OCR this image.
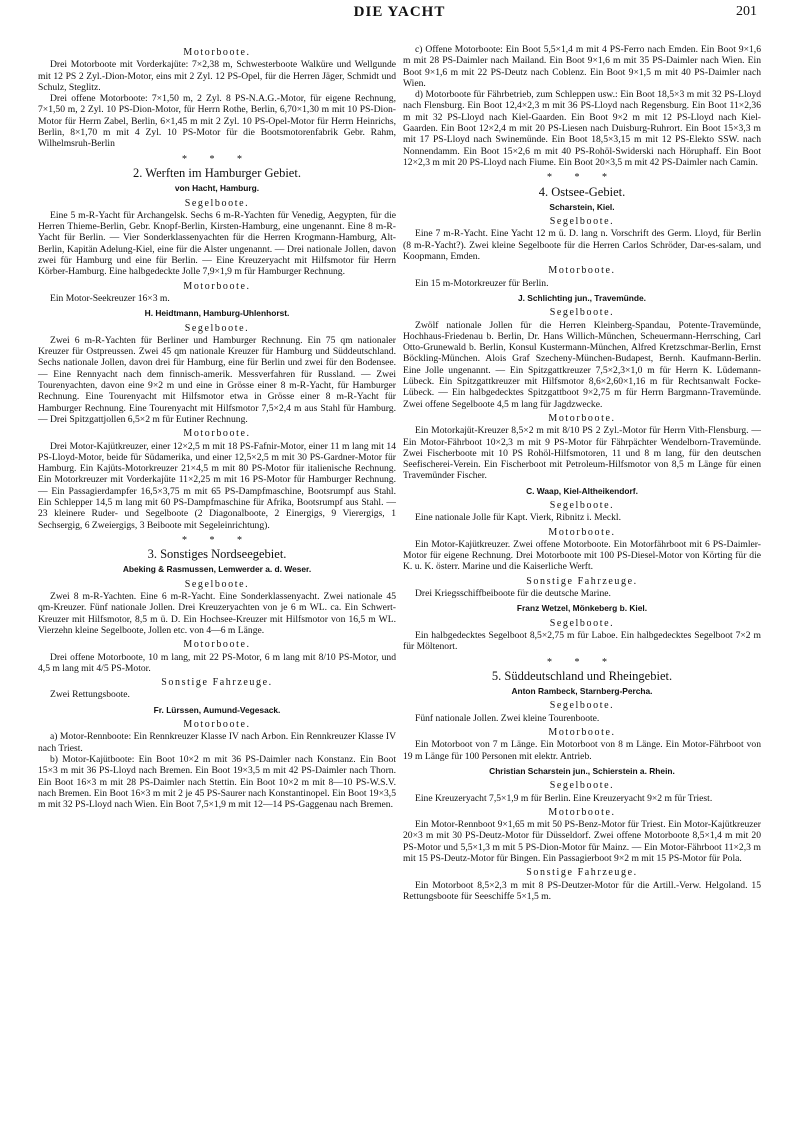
DIE YACHT	201
Motorboote.

Drei Motorboote mit Vorderkajüte: 7×2,38 m, Schwesterboote Walküre und Wellgunde mit 12 PS 2 Zyl.-Dion-Motor, eins mit 2 Zyl. 12 PS-Opel, für die Herren Jäger, Schmidt und Schulz, Steglitz.

Drei offene Motorboote: 7×1,50 m, 2 Zyl. 8 PS-N.A.G.-Motor, für eigene Rechnung, 7×1,50 m, 2 Zyl. 10 PS-Dion-Motor, für Herrn Rothe, Berlin, 6,70×1,30 m mit 10 PS-Dion-Motor für Herrn Zabel, Berlin, 6×1,45 m mit 2 Zyl. 10 PS-Opel-Motor für Herrn Heinrichs, Berlin, 8×1,70 m mit 4 Zyl. 10 PS-Motor für die Bootsmotorenfabrik Gebr. Rahm, Wilhelmsruh-Berlin

* * *
2. Werften im Hamburger Gebiet.
von Hacht, Hamburg.
Segelboote.

Eine 5 m-R-Yacht für Archangelsk. Sechs 6 m-R-Yachten für Venedig, Aegypten, für die Herren Thieme-Berlin, Gebr. Knopf-Berlin, Kirsten-Hamburg, eine ungenannt. Eine 8 m-R-Yacht für Berlin. — Vier Sonderklassenyachten für die Herren Krogmann-Hamburg, Alt-Berlin, Kapitän Adelung-Kiel, eine für die Alster ungenannt. — Drei nationale Jollen, davon zwei für Hamburg und eine für Berlin. — Eine Kreuzeryacht mit Hilfsmotor für Herrn Körber-Hamburg. Eine halbgedeckte Jolle 7,9×1,9 m für Hamburger Rechnung.

Motorboote.

Ein Motor-Seekreuzer 16×3 m.

H. Heidtmann, Hamburg-Uhlenhorst.
Segelboote.

Zwei 6 m-R-Yachten für Berliner und Hamburger Rechnung. Ein 75 qm nationaler Kreuzer für Ostpreussen. Zwei 45 qm nationale Kreuzer für Hamburg und Süddeutschland. Sechs nationale Jollen, davon drei für Hamburg, eine für Berlin und zwei für den Bodensee. — Eine Rennyacht nach dem finnisch-amerik. Messverfahren für Russland. — Zwei Tourenyachten, davon eine 9×2 m und eine in Grösse einer 8 m-R-Yacht, für Hamburger Rechnung. Eine Tourenyacht mit Hilfsmotor etwa in Grösse einer 8 m-R-Yacht für Hamburger Rechnung. Eine Tourenyacht mit Hilfsmotor 7,5×2,4 m aus Stahl für Hamburg. — Drei Spitzgattjollen 6,5×2 m für Eutiner Rechnung.

Motorboote.

Drei Motor-Kajütkreuzer, einer 12×2,5 m mit 18 PS-Fafnir-Motor, einer 11 m lang mit 14 PS-Lloyd-Motor, beide für Südamerika, und einer 12,5×2,5 m mit 30 PS-Gardner-Motor für Hamburg. Ein Kajüts-Motorkreuzer 21×4,5 m mit 80 PS-Motor für italienische Rechnung. Ein Motorkreuzer mit Vorderkajüte 11×2,25 m mit 16 PS-Motor für Hamburger Rechnung. — Ein Passagierdampfer 16,5×3,75 m mit 65 PS-Dampfmaschine, Bootsrumpf aus Stahl. Ein Schlepper 14,5 m lang mit 60 PS-Dampfmaschine für Afrika, Bootsrumpf aus Stahl. — 23 kleinere Ruder- und Segelboote (2 Diagonalboote, 2 Einergigs, 9 Vierergigs, 1 Sechsergig, 6 Zweiergigs, 3 Beiboote mit Segeleinrichtung).

* * *
3. Sonstiges Nordseegebiet.
Abeking & Rasmussen, Lemwerder a. d. Weser.
Segelboote.

Zwei 8 m-R-Yachten. Eine 6 m-R-Yacht. Eine Sonderklassenyacht. Zwei nationale 45 qm-Kreuzer. Fünf nationale Jollen. Drei Kreuzeryachten von je 6 m WL. ca. Ein Schwert-Kreuzer mit Hilfsmotor, 8,5 m ü. D. Ein Hochsee-Kreuzer mit Hilfsmotor von 16,5 m WL. Vierzehn kleine Segelboote, Jollen etc. von 4—6 m Länge.

Motorboote.

Drei offene Motorboote, 10 m lang, mit 22 PS-Motor, 6 m lang mit 8/10 PS-Motor, und 4,5 m lang mit 4/5 PS-Motor.

Sonstige Fahrzeuge.

Zwei Rettungsboote.

Fr. Lürssen, Aumund-Vegesack.
Motorboote.

a) Motor-Rennboote: Ein Rennkreuzer Klasse IV nach Arbon. Ein Rennkreuzer Klasse IV nach Triest.

b) Motor-Kajütboote: Ein Boot 10×2 m mit 36 PS-Daimler nach Konstanz. Ein Boot 15×3 m mit 36 PS-Lloyd nach Bremen. Ein Boot 19×3,5 m mit 42 PS-Daimler nach Thorn. Ein Boot 16×3 m mit 28 PS-Daimler nach Stettin. Ein Boot 10×2 m mit 8—10 PS-W.S.V. nach Bremen. Ein Boot 16×3 m mit 2 je 45 PS-Saurer nach Konstantinopel. Ein Boot 19×3,5 m mit 32 PS-Lloyd nach Wien. Ein Boot 7,5×1,9 m mit 12—14 PS-Gaggenau nach Bremen.

c) Offene Motorboote: Ein Boot 5,5×1,4 m mit 4 PS-Ferro nach Emden. Ein Boot 9×1,6 m mit 28 PS-Daimler nach Mailand. Ein Boot 9×1,6 m mit 35 PS-Daimler nach Wien. Ein Boot 9×1,6 m mit 22 PS-Deutz nach Coblenz. Ein Boot 9×1,5 m mit 40 PS-Daimler nach Wien.

d) Motorboote für Fährbetrieb, zum Schleppen usw.: Ein Boot 18,5×3 m mit 32 PS-Lloyd nach Flensburg. Ein Boot 12,4×2,3 m mit 36 PS-Lloyd nach Regensburg. Ein Boot 11×2,36 m mit 32 PS-Lloyd nach Kiel-Gaarden. Ein Boot 9×2 m mit 12 PS-Lloyd nach Kiel-Gaarden. Ein Boot 12×2,4 m mit 20 PS-Liesen nach Duisburg-Ruhrort. Ein Boot 15×3,3 m mit 17 PS-Lloyd nach Swinemünde. Ein Boot 18,5×3,15 m mit 12 PS-Elekto SSW. nach Nonnendamm. Ein Boot 15×2,6 m mit 40 PS-Rohöl-Swiderski nach Höruphaff. Ein Boot 12×2,3 m mit 20 PS-Lloyd nach Fiume. Ein Boot 20×3,5 m mit 42 PS-Daimler nach Camin.

* * *
4. Ostsee-Gebiet.
Scharstein, Kiel.
Segelboote.

Eine 7 m-R-Yacht. Eine Yacht 12 m ü. D. lang n. Vorschrift des Germ. Lloyd, für Berlin (8 m-R-Yacht?). Zwei kleine Segelboote für die Herren Carlos Schröder, Dar-es-salam, und Koopmann, Emden.

Motorboote.

Ein 15 m-Motorkreuzer für Berlin.

J. Schlichting jun., Travemünde.
Segelboote.

Zwölf nationale Jollen für die Herren Kleinberg-Spandau, Potente-Travemünde, Hochhaus-Friedenau b. Berlin, Dr. Hans Willich-München, Scheuermann-Herrsching, Carl Otto-Grunewald b. Berlin, Konsul Kustermann-München, Alfred Kretzschmar-Berlin, Ernst Böckling-München. Alois Graf Szecheny-München-Budapest, Bernh. Kaufmann-Berlin. Eine Jolle ungenannt. — Ein Spitzgattkreuzer 7,5×2,3×1,0 m für Herrn K. Lüdemann-Lübeck. Ein Spitzgattkreuzer mit Hilfsmotor 8,6×2,60×1,16 m für Rechtsanwalt Focke-Lübeck. — Ein halbgedecktes Spitzgattboot 9×2,75 m für Herrn Bargmann-Travemünde. Zwei offene Segelboote 4,5 m lang für Jagdzwecke.

Motorboote.

Ein Motorkajüt-Kreuzer 8,5×2 m mit 8/10 PS 2 Zyl.-Motor für Herrn Vith-Flensburg. — Ein Motor-Fährboot 10×2,3 m mit 9 PS-Motor für Fährpächter Wendelborn-Travemünde. Zwei Fischerboote mit 10 PS Rohöl-Hilfsmotoren, 11 und 8 m lang, für den deutschen Seefischerei-Verein. Ein Fischerboot mit Petroleum-Hilfsmotor von 8,5 m Länge für einen Travemünder Fischer.

C. Waap, Kiel-Altheikendorf.
Segelboote.

Eine nationale Jolle für Kapt. Vierk, Ribnitz i. Meckl.

Motorboote.

Ein Motor-Kajütkreuzer. Zwei offene Motorboote. Ein Motorfährboot mit 6 PS-Daimler-Motor für eigene Rechnung. Drei Motorboote mit 100 PS-Diesel-Motor von Körting für die K. u. K. österr. Marine und die Kaiserliche Werft.

Sonstige Fahrzeuge.

Drei Kriegsschiffbeiboote für die deutsche Marine.

Franz Wetzel, Mönkeberg b. Kiel.
Segelboote.

Ein halbgedecktes Segelboot 8,5×2,75 m für Laboe. Ein halbgedecktes Segelboot 7×2 m für Möltenort.

* * *
5. Süddeutschland und Rheingebiet.
Anton Rambeck, Starnberg-Percha.
Segelboote.

Fünf nationale Jollen. Zwei kleine Tourenboote.

Motorboote.

Ein Motorboot von 7 m Länge. Ein Motorboot von 8 m Länge. Ein Motor-Fährboot von 19 m Länge für 100 Personen mit elektr. Antrieb.

Christian Scharstein jun., Schierstein a. Rhein.
Segelboote.

Eine Kreuzeryacht 7,5×1,9 m für Berlin. Eine Kreuzeryacht 9×2 m für Triest.

Motorboote.

Ein Motor-Rennboot 9×1,65 m mit 50 PS-Benz-Motor für Triest. Ein Motor-Kajütkreuzer 20×3 m mit 30 PS-Deutz-Motor für Düsseldorf. Zwei offene Motorboote 8,5×1,4 m mit 20 PS-Motor und 5,5×1,3 m mit 5 PS-Dion-Motor für Mainz. — Ein Motor-Fährboot 11×2,3 m mit 15 PS-Deutz-Motor für Bingen. Ein Passagierboot 9×2 m mit 15 PS-Motor für Pola.

Sonstige Fahrzeuge.

Ein Motorboot 8,5×2,3 m mit 8 PS-Deutzer-Motor für die Artill.-Verw. Helgoland. 15 Rettungsboote für Seeschiffe 5×1,5 m.
